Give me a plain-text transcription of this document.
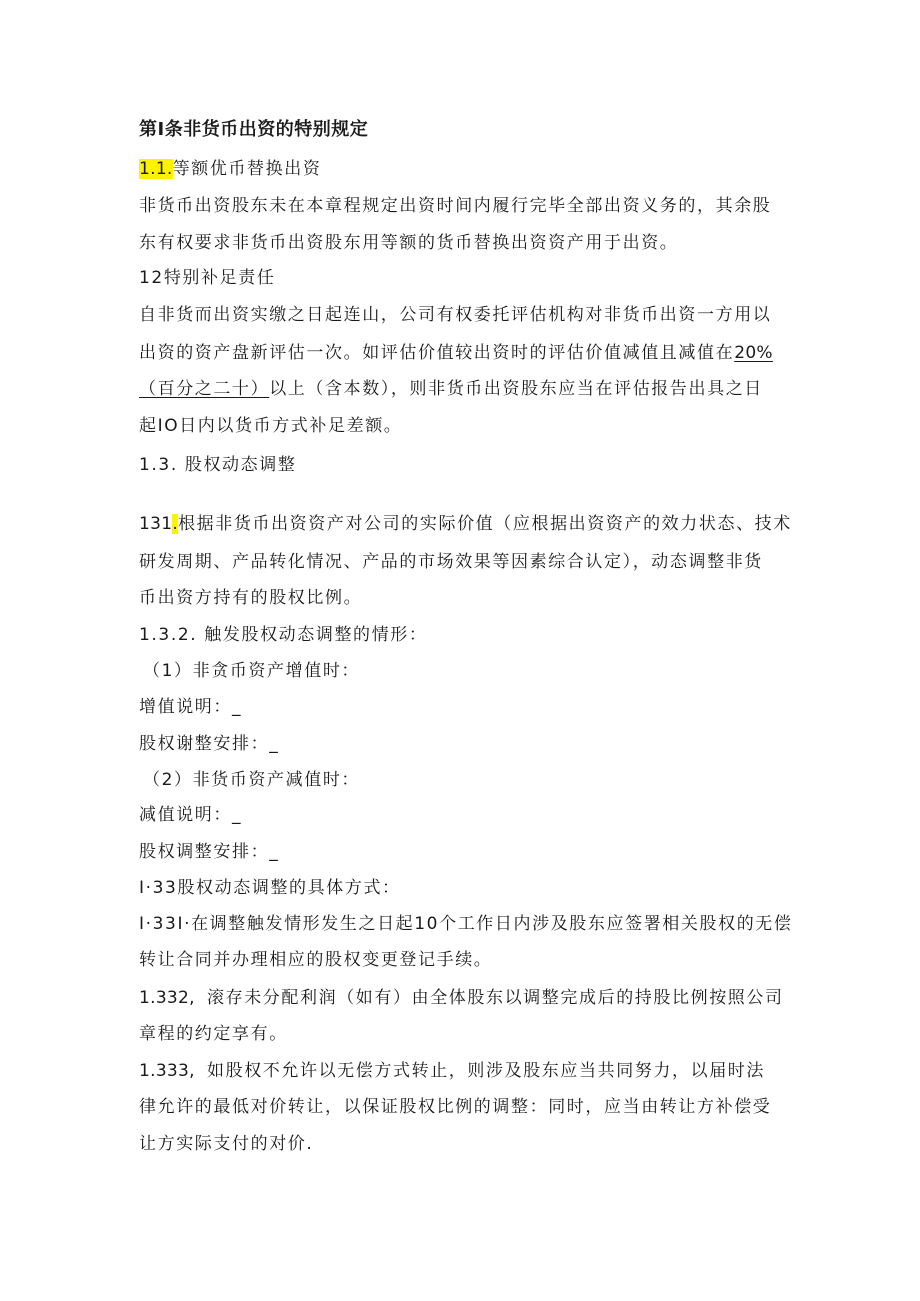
第I条非货币出资的特别规定
1.1.等额优币替换出资
非货币出资股东未在本章程规定出资时间内履行完毕全部出资义务的，其余股
东有权要求非货币出资股东用等额的货币替换出资资产用于出资。
12特别补足责任
自非货而出资实缴之日起连山，公司有权委托评估机构对非货币出资一方用以
出资的资产盘新评估一次。如评估价值较出资时的评估价值减值且减值在20%
（百分之二十）以上（含本数），则非货币出资股东应当在评估报告出具之日
起IO日内以货币方式补足差额。
1.3. 股权动态调整
131.根据非货币出资资产对公司的实际价值（应根据出资资产的效力状态、技术
研发周期、产品转化情况、产品的市场效果等因素综合认定），动态调整非货
币出资方持有的股权比例。
1.3.2. 触发股权动态调整的情形：
（1）非贪币资产增值时：
增值说明：_
股权谢整安排：_
（2）非货币资产减值时：
减值说明：_
股权调整安排：_
I·33股权动态调整的具体方式：
I·33I·在调整触发情形发生之日起10个工作日内涉及股东应签署相关股权的无偿
转让合同并办理相应的股权变更登记手续。
1.332, 滚存未分配利润（如有）由全体股东以调整完成后的持股比例按照公司
章程的约定享有。
1.333, 如股权不允许以无偿方式转止，则涉及股东应当共同努力，以届时法
律允许的最低对价转让，以保证股权比例的调整：同时，应当由转让方补偿受
让方实际支付的对价.
